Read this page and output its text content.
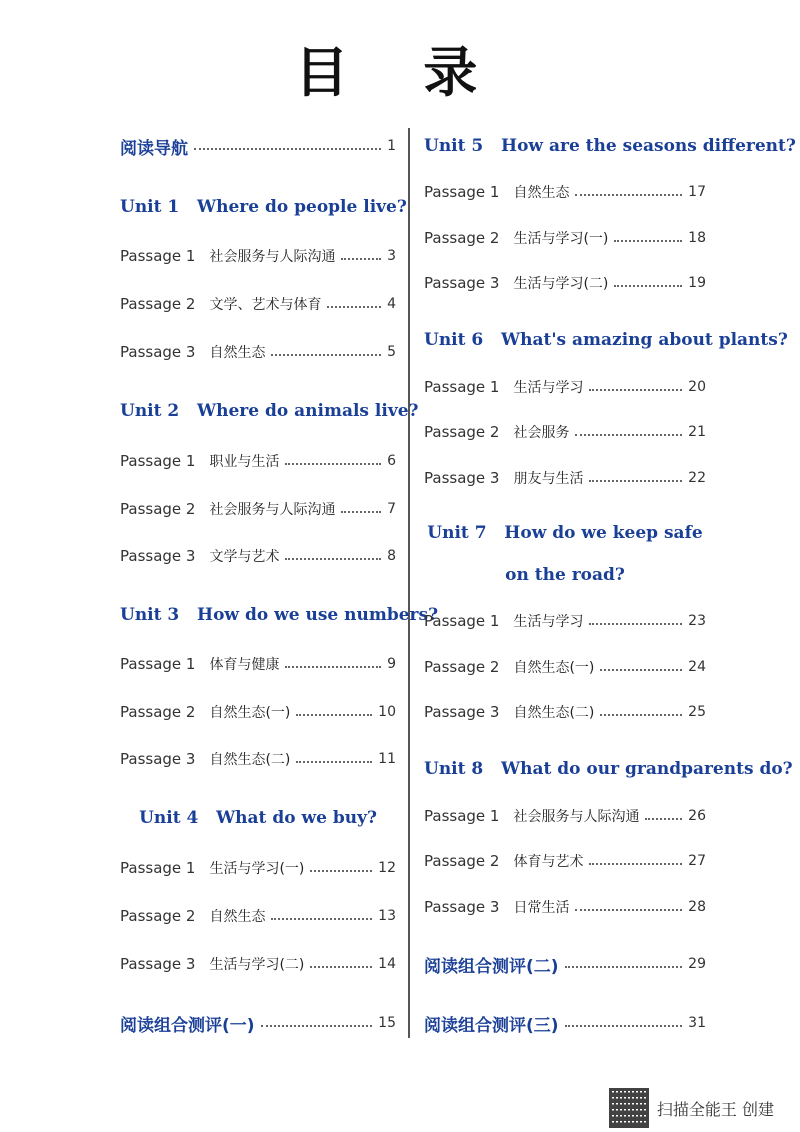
目 录
阅读导航	1
Unit 1 Where do people live?
Passage 1 社会服务与人际沟通	3
Passage 2 文学、艺术与体育	4
Passage 3 自然生态	5
Unit 2 Where do animals live?
Passage 1 职业与生活	6
Passage 2 社会服务与人际沟通	7
Passage 3 文学与艺术	8
Unit 3 How do we use numbers?
Passage 1 体育与健康	9
Passage 2 自然生态(一)	10
Passage 3 自然生态(二)	11
Unit 4 What do we buy?
Passage 1 生活与学习(一)	12
Passage 2 自然生态	13
Passage 3 生活与学习(二)	14
阅读组合测评(一)	15
Unit 5 How are the seasons different?
Passage 1 自然生态	17
Passage 2 生活与学习(一)	18
Passage 3 生活与学习(二)	19
Unit 6 What's amazing about plants?
Passage 1 生活与学习	20
Passage 2 社会服务	21
Passage 3 朋友与生活	22
Unit 7 How do we keep safe
on the road?
Passage 1 生活与学习	23
Passage 2 自然生态(一)	24
Passage 3 自然生态(二)	25
Unit 8 What do our grandparents do?
Passage 1 社会服务与人际沟通	26
Passage 2 体育与艺术	27
Passage 3 日常生活	28
阅读组合测评(二)	29
阅读组合测评(三)	31
扫描全能王 创建
